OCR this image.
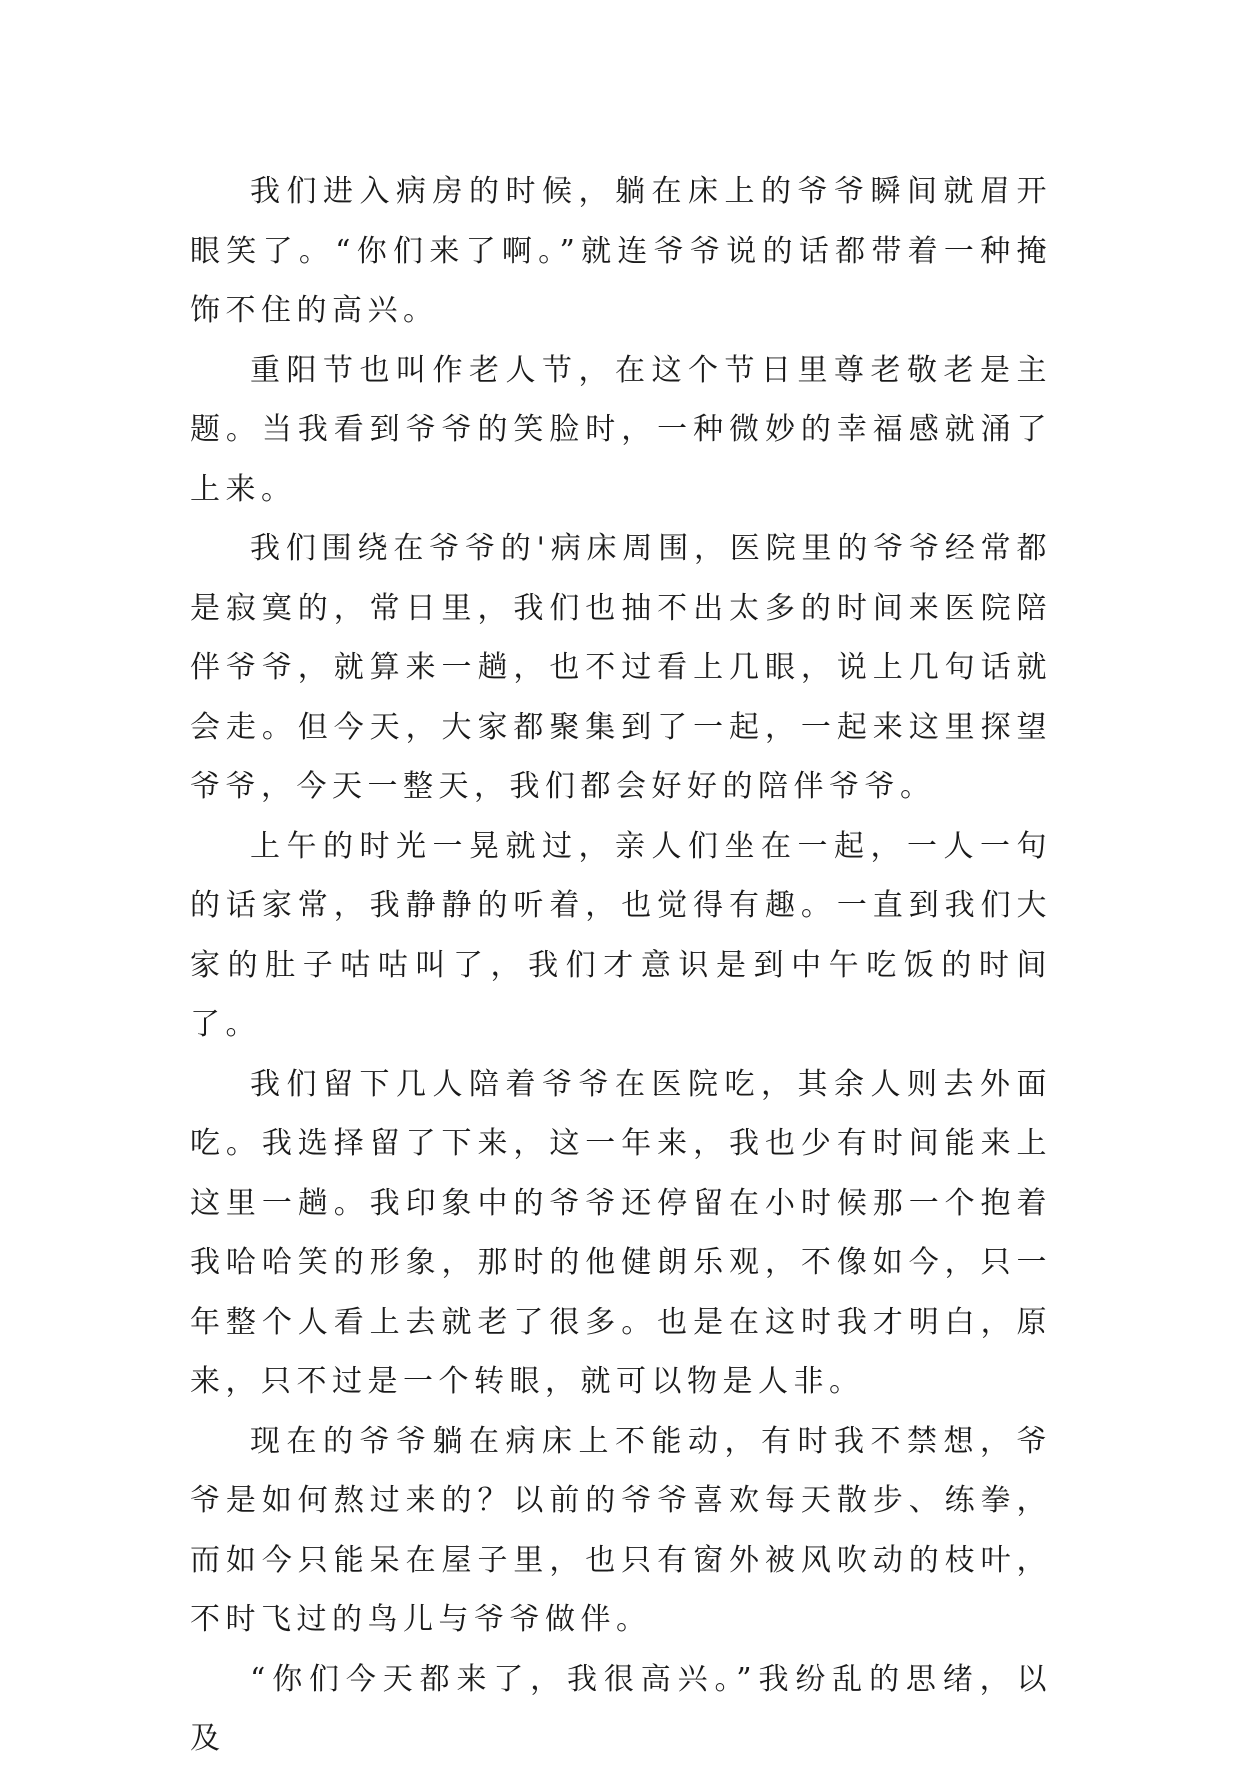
我们进入病房的时候，躺在床上的爷爷瞬间就眉开眼笑了。“你们来了啊。”就连爷爷说的话都带着一种掩饰不住的高兴。

重阳节也叫作老人节，在这个节日里尊老敬老是主题。当我看到爷爷的笑脸时，一种微妙的幸福感就涌了上来。

我们围绕在爷爷的'病床周围，医院里的爷爷经常都是寂寞的，常日里，我们也抽不出太多的时间来医院陪伴爷爷，就算来一趟，也不过看上几眼，说上几句话就会走。但今天，大家都聚集到了一起，一起来这里探望爷爷，今天一整天，我们都会好好的陪伴爷爷。

上午的时光一晃就过，亲人们坐在一起，一人一句的话家常，我静静的听着，也觉得有趣。一直到我们大家的肚子咕咕叫了，我们才意识是到中午吃饭的时间了。

我们留下几人陪着爷爷在医院吃，其余人则去外面吃。我选择留了下来，这一年来，我也少有时间能来上这里一趟。我印象中的爷爷还停留在小时候那一个抱着我哈哈笑的形象，那时的他健朗乐观，不像如今，只一年整个人看上去就老了很多。也是在这时我才明白，原来，只不过是一个转眼，就可以物是人非。

现在的爷爷躺在病床上不能动，有时我不禁想，爷爷是如何熬过来的？以前的爷爷喜欢每天散步、练拳，而如今只能呆在屋子里，也只有窗外被风吹动的枝叶，不时飞过的鸟儿与爷爷做伴。

“你们今天都来了，我很高兴。”我纷乱的思绪，以及
